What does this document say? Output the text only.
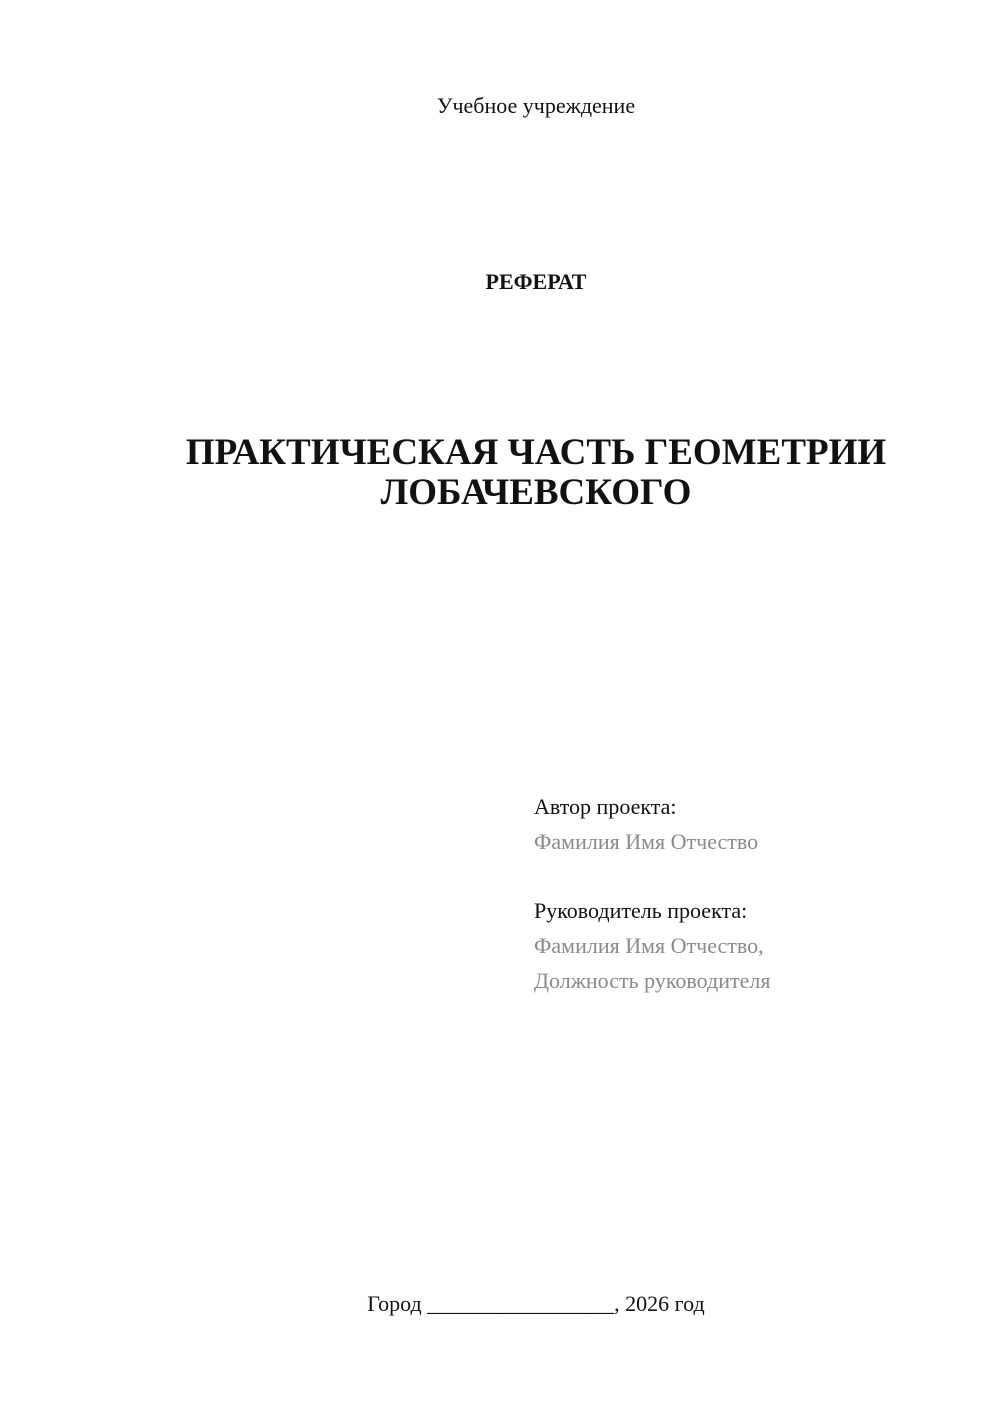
Учебное учреждение
РЕФЕРАТ
ПРАКТИЧЕСКАЯ ЧАСТЬ ГЕОМЕТРИИ
ЛОБАЧЕВСКОГО
Автор проекта:
Фамилия Имя Отчество
Руководитель проекта:
Фамилия Имя Отчество,
Должность руководителя
Город _________________, 2026 год
